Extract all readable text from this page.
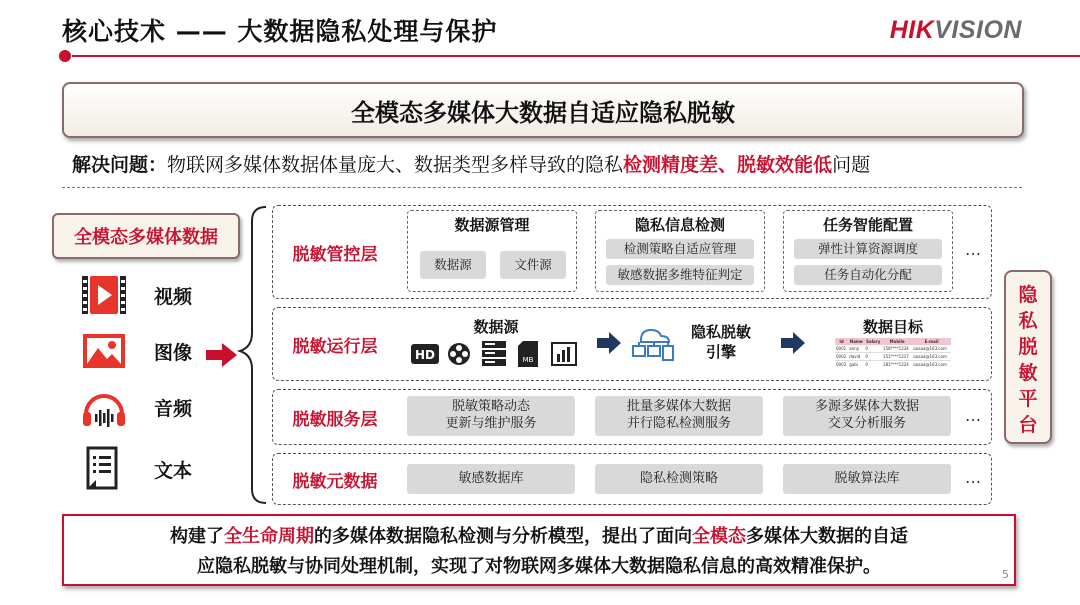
核心技术 —— 大数据隐私处理与保护	HIKVISION
全模态多媒体大数据自适应隐私脱敏
解决问题：物联网多媒体数据体量庞大、数据类型多样导致的隐私检测精度差、脱敏效能低问题
全模态多媒体数据
视频
图像
音频
文本
脱敏管控层
数据源管理
数据源	文件源
隐私信息检测
检测策略自适应管理
敏感数据多维特征判定
任务智能配置
弹性计算资源调度
任务自动化分配
…
脱敏运行层
数据源
HD	MB
隐私脱敏
引擎
数据目标
Id	Name	Salary	Mobile	E-mail
0001	anny	0	158****1234	aaaaa@163.com
0002	david	0	151****1217	aaaaa@163.com
0003	gabi	0	181****1224	aaaaa@163.com
脱敏服务层
脱敏策略动态
更新与维护服务
批量多媒体大数据
并行隐私检测服务
多源多媒体大数据
交叉分析服务	…
脱敏元数据	敏感数据库	隐私检测策略	脱敏算法库	…
隐
私
脱
敏
平
台
构建了全生命周期的多媒体数据隐私检测与分析模型，提出了面向全模态多媒体大数据的自适
应隐私脱敏与协同处理机制，实现了对物联网多媒体大数据隐私信息的高效精准保护。	5
